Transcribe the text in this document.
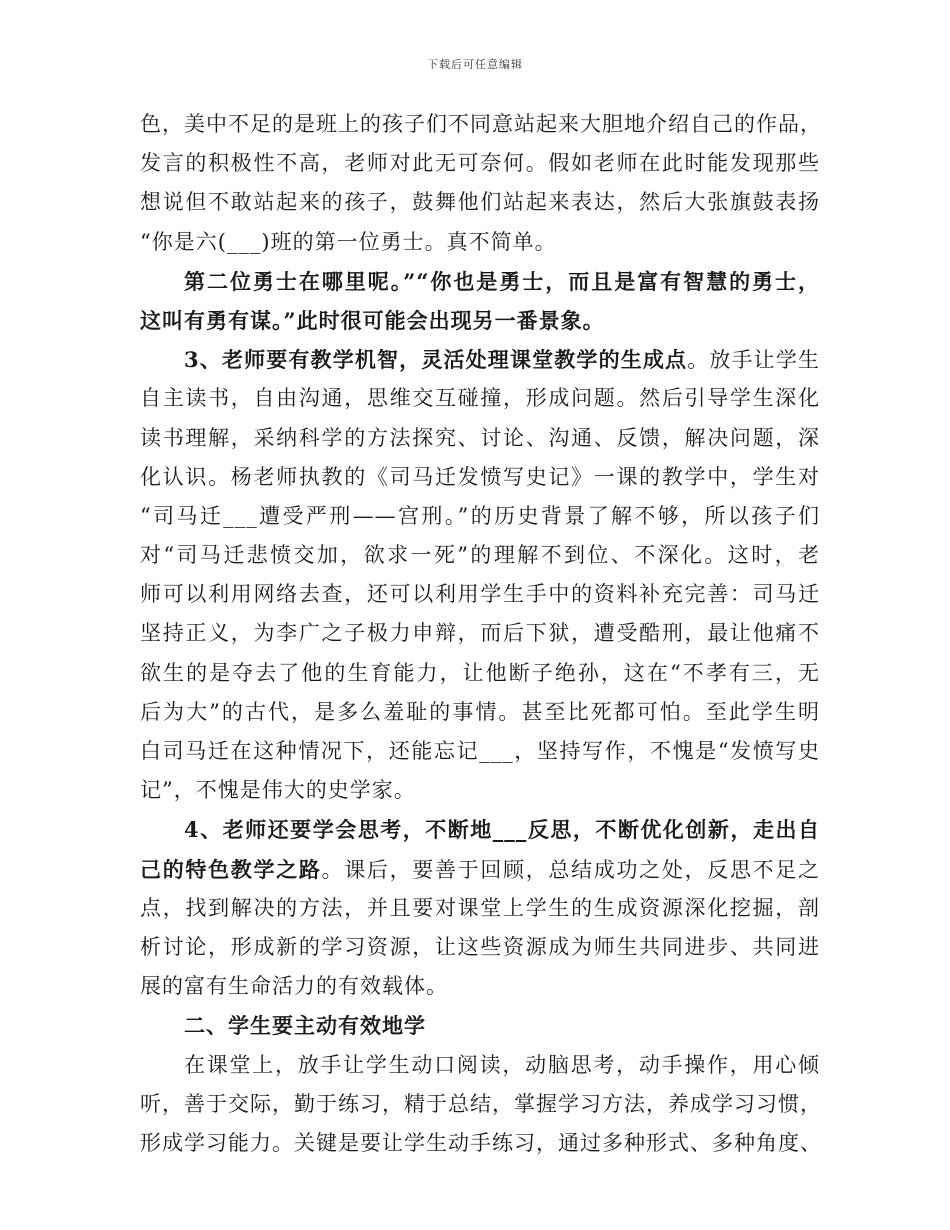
下载后可任意编辑
色，美中不足的是班上的孩子们不同意站起来大胆地介绍自己的作品，
发言的积极性不高，老师对此无可奈何。假如老师在此时能发现那些
想说但不敢站起来的孩子，鼓舞他们站起来表达，然后大张旗鼓表扬
“你是六(___)班的第一位勇士。真不简单。
第二位勇士在哪里呢。”“你也是勇士，而且是富有智慧的勇士，
这叫有勇有谋。”此时很可能会出现另一番景象。
3、老师要有教学机智，灵活处理课堂教学的生成点。放手让学生
自主读书，自由沟通，思维交互碰撞，形成问题。然后引导学生深化
读书理解，采纳科学的方法探究、讨论、沟通、反馈，解决问题，深
化认识。杨老师执教的《司马迁发愤写史记》一课的教学中，学生对
“司马迁___遭受严刑——宫刑。”的历史背景了解不够，所以孩子们
对“司马迁悲愤交加，欲求一死”的理解不到位、不深化。这时，老
师可以利用网络去查，还可以利用学生手中的资料补充完善：司马迁
坚持正义，为李广之子极力申辩，而后下狱，遭受酷刑，最让他痛不
欲生的是夺去了他的生育能力，让他断子绝孙，这在“不孝有三，无
后为大”的古代，是多么羞耻的事情。甚至比死都可怕。至此学生明
白司马迁在这种情况下，还能忘记___，坚持写作，不愧是“发愤写史
记”，不愧是伟大的史学家。
4、老师还要学会思考，不断地___反思，不断优化创新，走出自
己的特色教学之路。课后，要善于回顾，总结成功之处，反思不足之
点，找到解决的方法，并且要对课堂上学生的生成资源深化挖掘，剖
析讨论，形成新的学习资源，让这些资源成为师生共同进步、共同进
展的富有生命活力的有效载体。
二、学生要主动有效地学
在课堂上，放手让学生动口阅读，动脑思考，动手操作，用心倾
听，善于交际，勤于练习，精于总结，掌握学习方法，养成学习习惯，
形成学习能力。关键是要让学生动手练习，通过多种形式、多种角度、
